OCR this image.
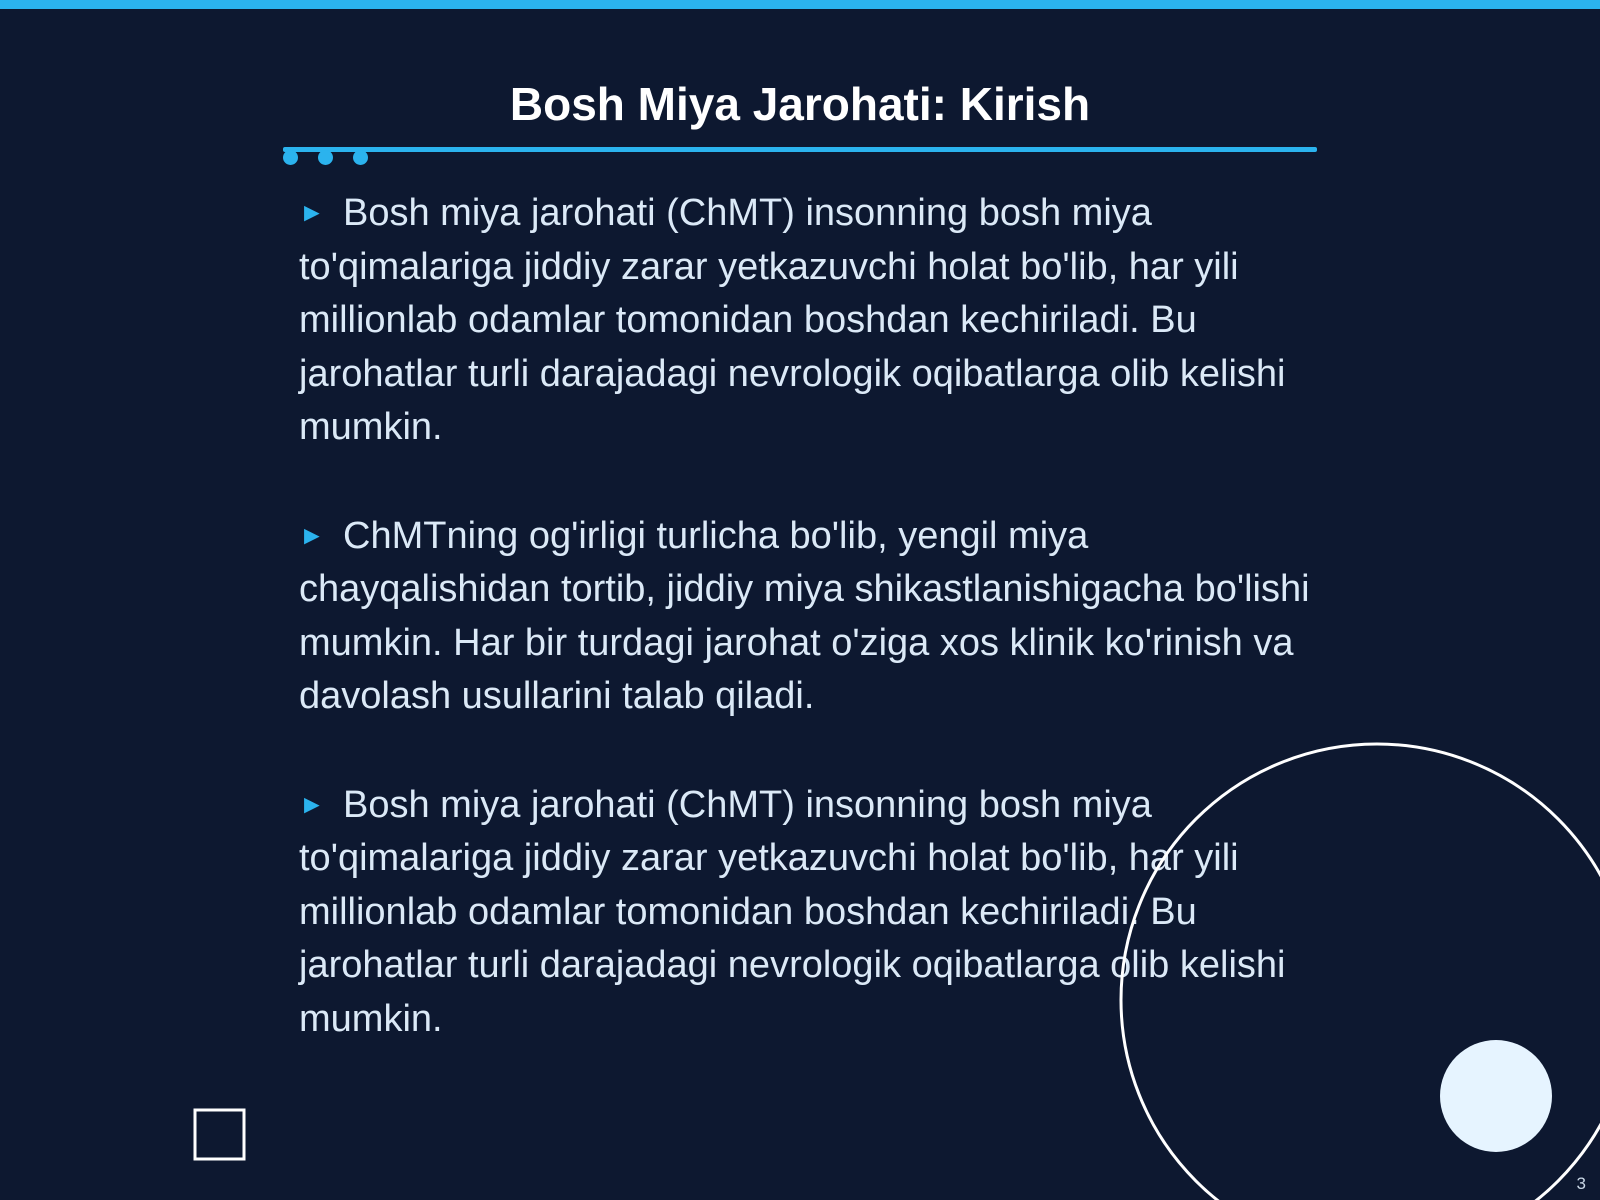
Bosh Miya Jarohati: Kirish
► Bosh miya jarohati (ChMT) insonning bosh miya to'qimalariga jiddiy zarar yetkazuvchi holat bo'lib, har yili millionlab odamlar tomonidan boshdan kechiriladi. Bu jarohatlar turli darajadagi nevrologik oqibatlarga olib kelishi mumkin.
► ChMTning og'irligi turlicha bo'lib, yengil miya chayqalishidan tortib, jiddiy miya shikastlanishigacha bo'lishi mumkin. Har bir turdagi jarohat o'ziga xos klinik ko'rinish va davolash usullarini talab qiladi.
► Bosh miya jarohati (ChMT) insonning bosh miya to'qimalariga jiddiy zarar yetkazuvchi holat bo'lib, har yili millionlab odamlar tomonidan boshdan kechiriladi. Bu jarohatlar turli darajadagi nevrologik oqibatlarga olib kelishi mumkin.
3
